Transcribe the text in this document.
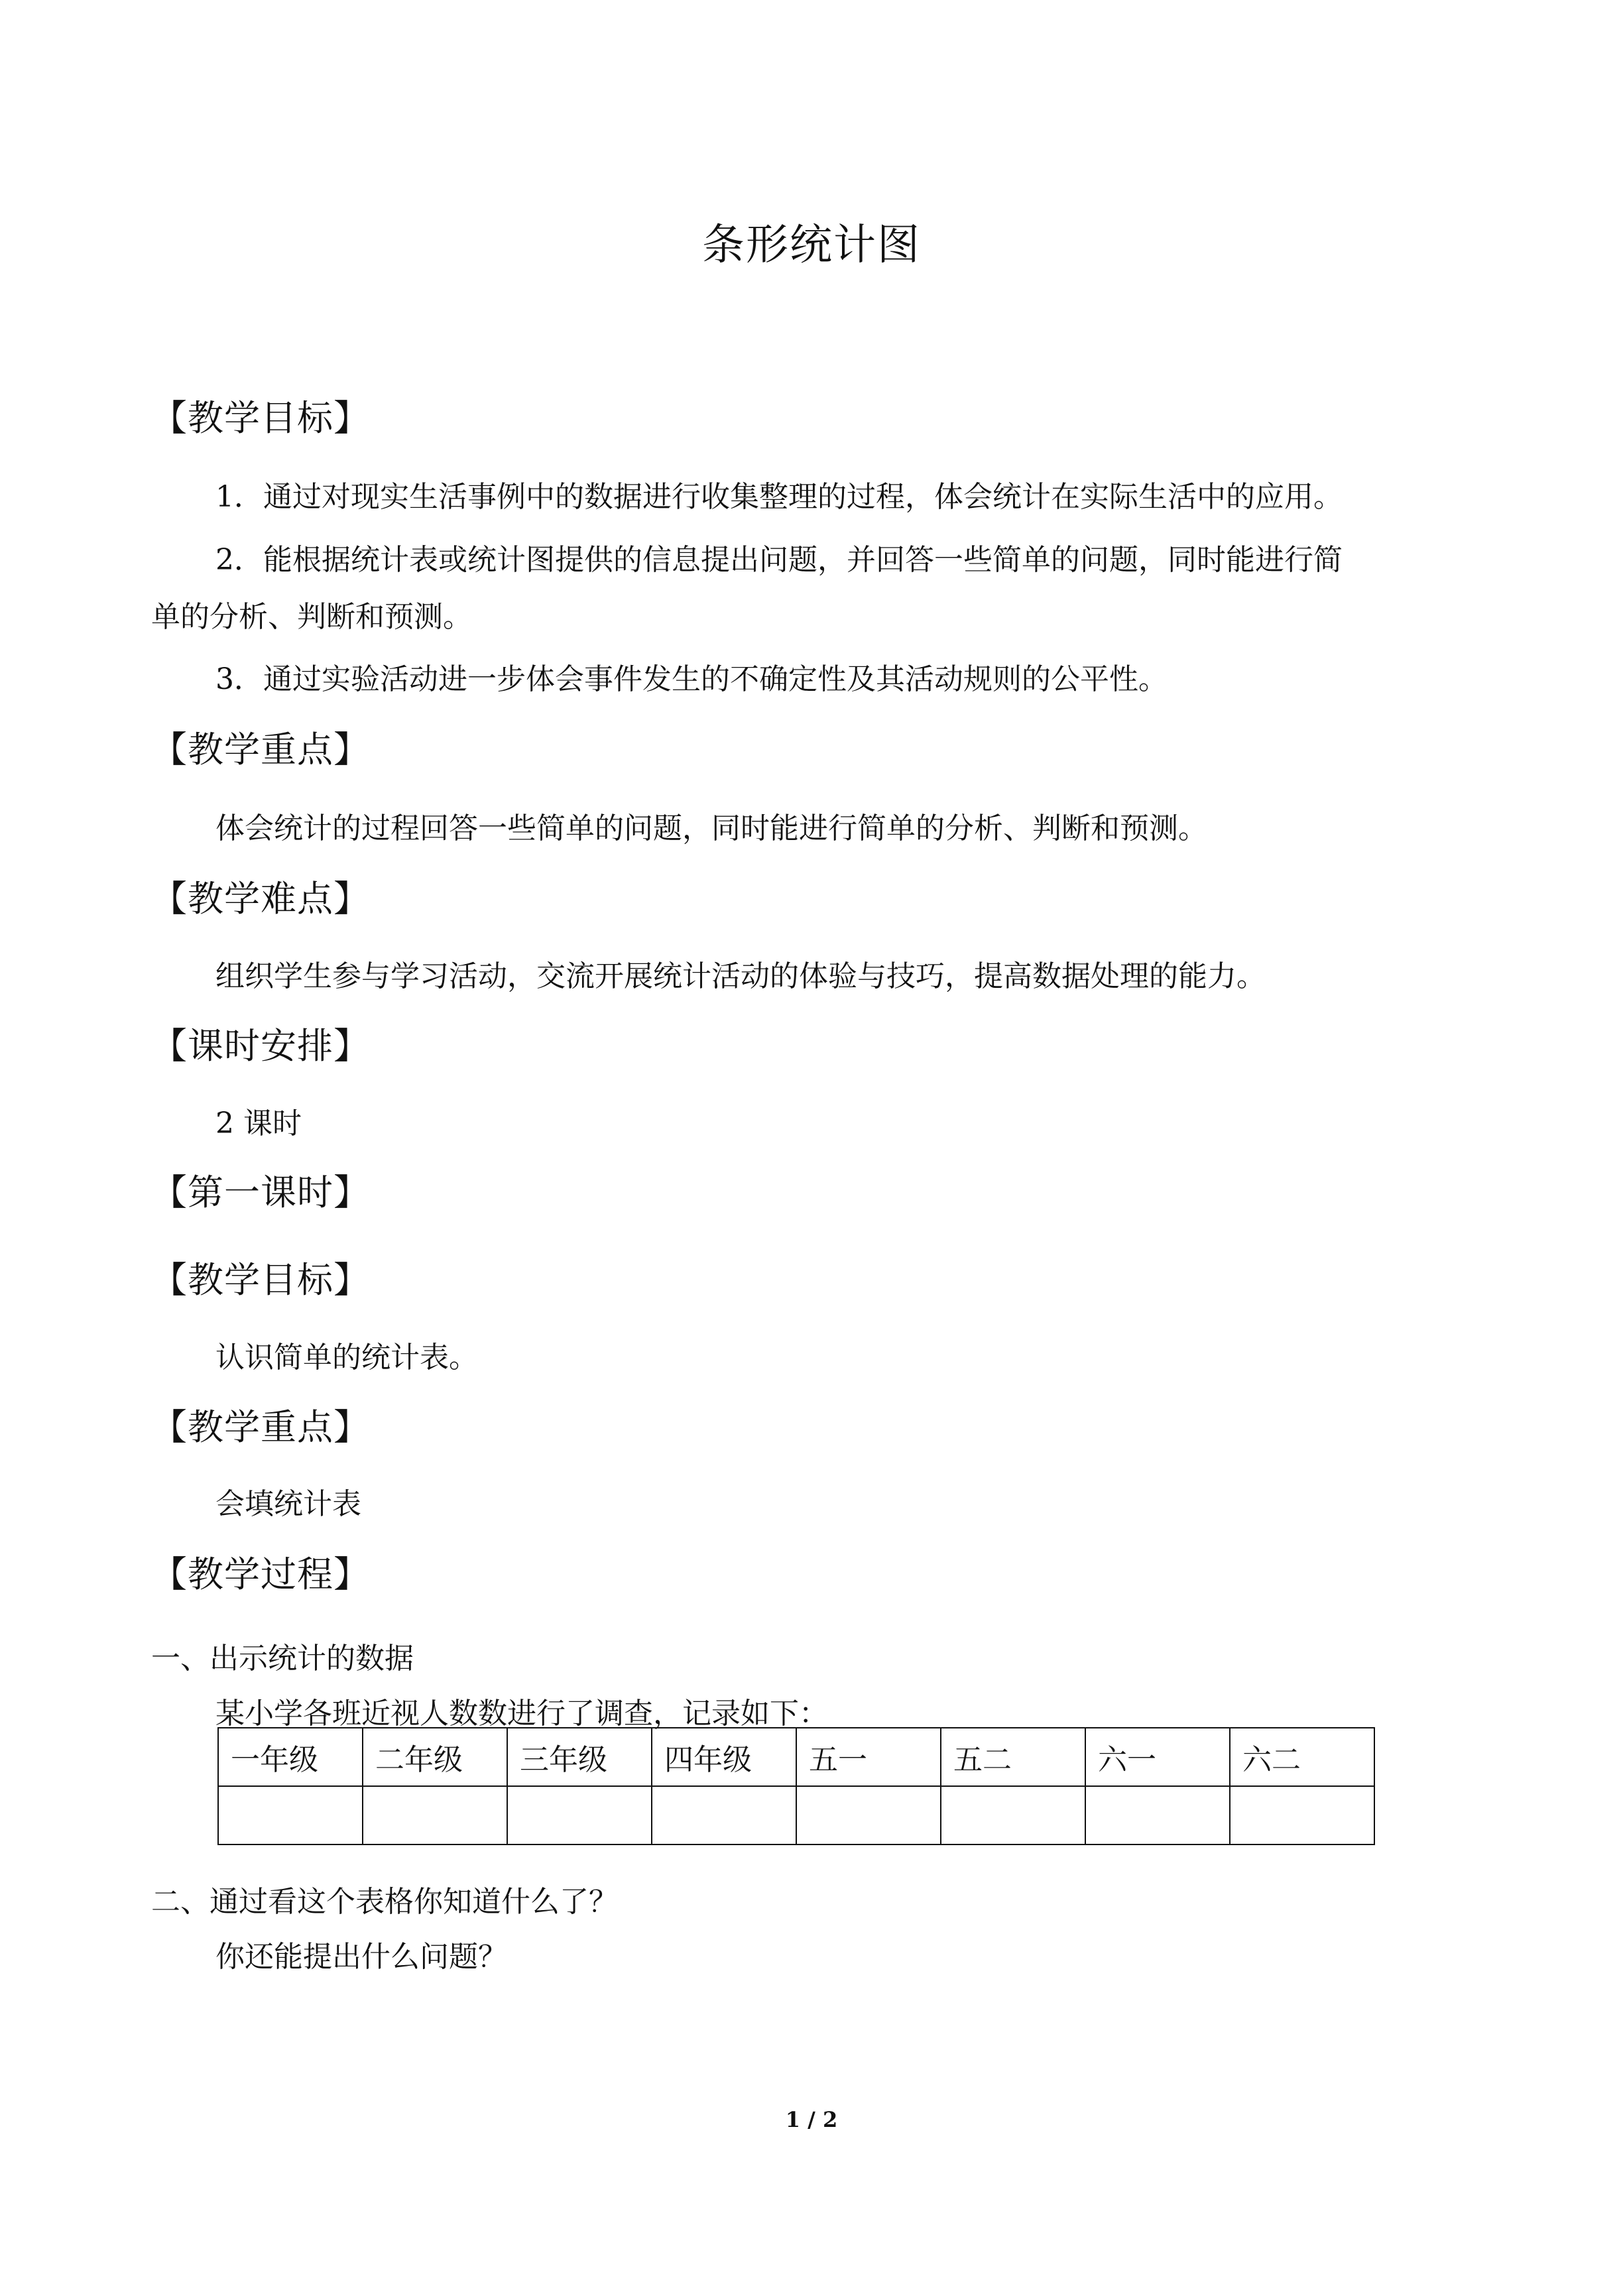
条形统计图
【教学目标】
1．通过对现实生活事例中的数据进行收集整理的过程，体会统计在实际生活中的应用。
2．能根据统计表或统计图提供的信息提出问题，并回答一些简单的问题，同时能进行简
单的分析、判断和预测。
3．通过实验活动进一步体会事件发生的不确定性及其活动规则的公平性。
【教学重点】
体会统计的过程回答一些简单的问题，同时能进行简单的分析、判断和预测。
【教学难点】
组织学生参与学习活动，交流开展统计活动的体验与技巧，提高数据处理的能力。
【课时安排】
2 课时
【第一课时】
【教学目标】
认识简单的统计表。
【教学重点】
会填统计表
【教学过程】
一、出示统计的数据
某小学各班近视人数数进行了调查，记录如下：
一年级	二年级	三年级	四年级	五一	五二	六一	六二

二、通过看这个表格你知道什么了？
你还能提出什么问题？
1 / 2
